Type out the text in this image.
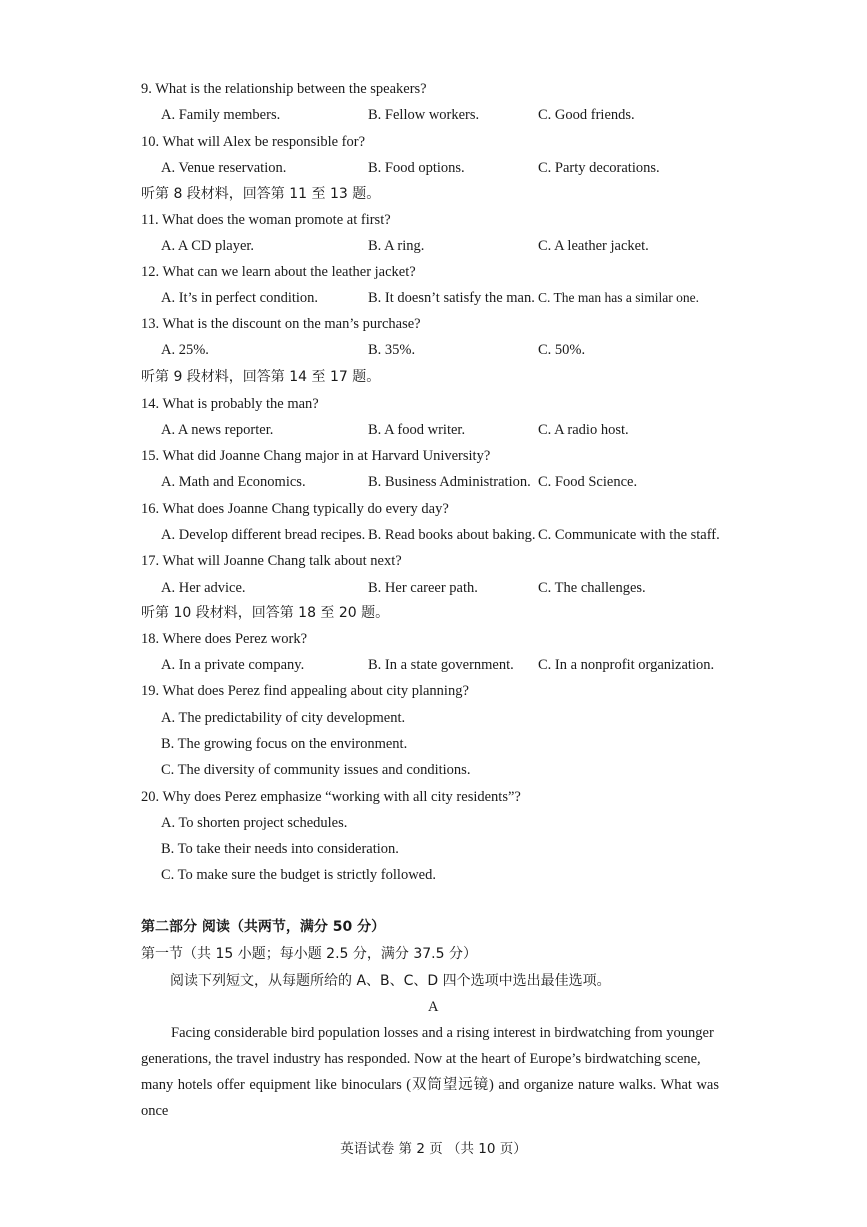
9. What is the relationship between the speakers?
A. Family members.	B. Fellow workers.	C. Good friends.
10. What will Alex be responsible for?
A. Venue reservation.	B. Food options.	C. Party decorations.
听第 8 段材料，回答第 11 至 13 题。
11. What does the woman promote at first?
A. A CD player.	B. A ring.	C. A leather jacket.
12. What can we learn about the leather jacket?
A. It’s in perfect condition.	B. It doesn’t satisfy the man. C. The man has a similar one.
13. What is the discount on the man’s purchase?
A. 25%.	B. 35%.	C. 50%.
听第 9 段材料，回答第 14 至 17 题。
14. What is probably the man?
A. A news reporter.	B. A food writer.	C. A radio host.
15. What did Joanne Chang major in at Harvard University?
A. Math and Economics.	B. Business Administration. C. Food Science.
16. What does Joanne Chang typically do every day?
A. Develop different bread recipes. B. Read books about baking. C. Communicate with the staff.
17. What will Joanne Chang talk about next?
A. Her advice.	B. Her career path.	C. The challenges.
听第 10 段材料，回答第 18 至 20 题。
18. Where does Perez work?
A. In a private company.	B. In a state government. C. In a nonprofit organization.
19. What does Perez find appealing about city planning?
A. The predictability of city development.
B. The growing focus on the environment.
C. The diversity of community issues and conditions.
20. Why does Perez emphasize “working with all city residents”?
A. To shorten project schedules.
B. To take their needs into consideration.
C. To make sure the budget is strictly followed.
第二部分 阅读（共两节，满分 50 分）
第一节（共 15 小题；每小题 2.5 分，满分 37.5 分）
阅读下列短文，从每题所给的 A、B、C、D 四个选项中选出最佳选项。
A
Facing considerable bird population losses and a rising interest in birdwatching from younger
generations, the travel industry has responded. Now at the heart of Europe’s birdwatching scene,
many hotels offer equipment like binoculars (双筒望远镜) and organize nature walks. What was once
英语试卷 第 2 页 （共 10 页）
